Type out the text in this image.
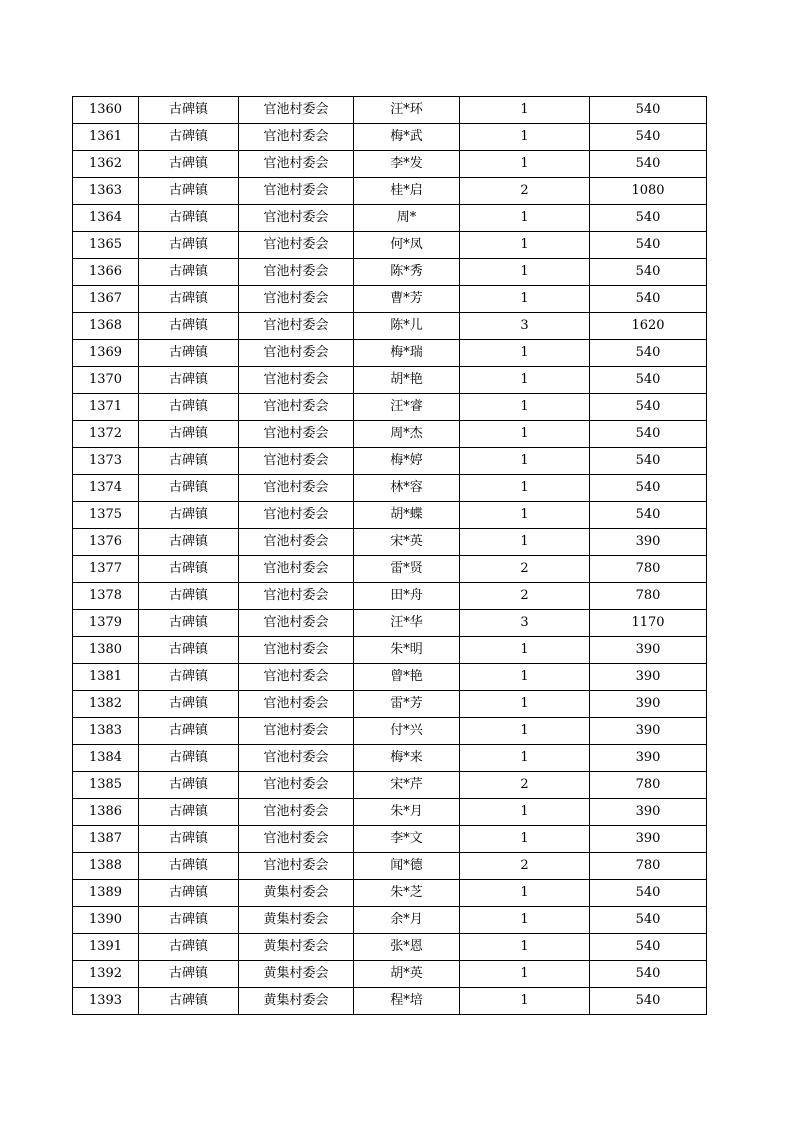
1360	古碑镇	官池村委会	汪*环	1	540
1361	古碑镇	官池村委会	梅*武	1	540
1362	古碑镇	官池村委会	李*发	1	540
1363	古碑镇	官池村委会	桂*启	2	1080
1364	古碑镇	官池村委会	周*	1	540
1365	古碑镇	官池村委会	何*凤	1	540
1366	古碑镇	官池村委会	陈*秀	1	540
1367	古碑镇	官池村委会	曹*芳	1	540
1368	古碑镇	官池村委会	陈*儿	3	1620
1369	古碑镇	官池村委会	梅*瑞	1	540
1370	古碑镇	官池村委会	胡*艳	1	540
1371	古碑镇	官池村委会	汪*睿	1	540
1372	古碑镇	官池村委会	周*杰	1	540
1373	古碑镇	官池村委会	梅*婷	1	540
1374	古碑镇	官池村委会	林*容	1	540
1375	古碑镇	官池村委会	胡*蝶	1	540
1376	古碑镇	官池村委会	宋*英	1	390
1377	古碑镇	官池村委会	雷*贤	2	780
1378	古碑镇	官池村委会	田*舟	2	780
1379	古碑镇	官池村委会	汪*华	3	1170
1380	古碑镇	官池村委会	朱*明	1	390
1381	古碑镇	官池村委会	曾*艳	1	390
1382	古碑镇	官池村委会	雷*芳	1	390
1383	古碑镇	官池村委会	付*兴	1	390
1384	古碑镇	官池村委会	梅*来	1	390
1385	古碑镇	官池村委会	宋*芹	2	780
1386	古碑镇	官池村委会	朱*月	1	390
1387	古碑镇	官池村委会	李*文	1	390
1388	古碑镇	官池村委会	闻*德	2	780
1389	古碑镇	黄集村委会	朱*芝	1	540
1390	古碑镇	黄集村委会	余*月	1	540
1391	古碑镇	黄集村委会	张*恩	1	540
1392	古碑镇	黄集村委会	胡*英	1	540
1393	古碑镇	黄集村委会	程*培	1	540
